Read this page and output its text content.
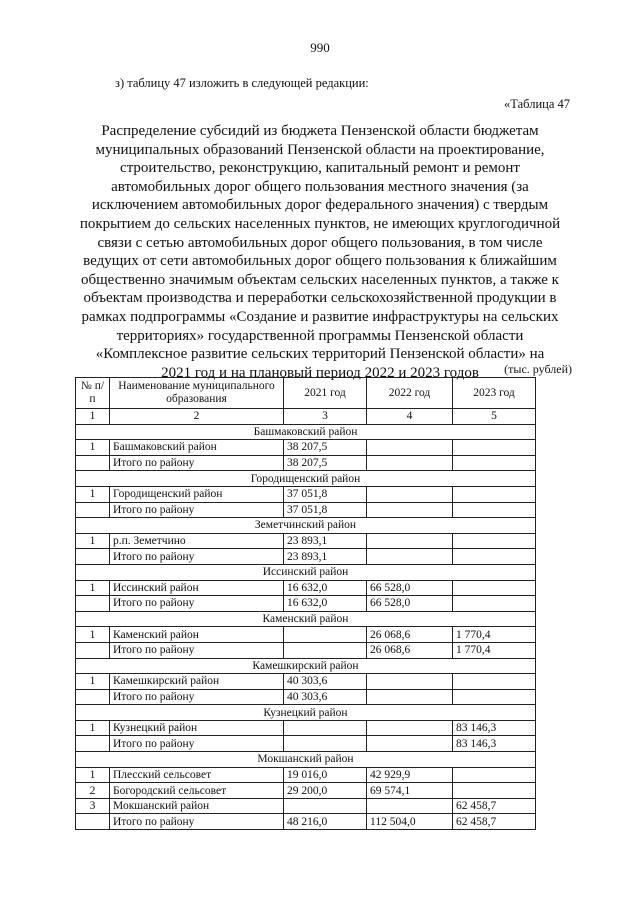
990
з) таблицу 47 изложить в следующей редакции:
«Таблица 47
Распределение субсидий из бюджета Пензенской области бюджетам
муниципальных образований Пензенской области на проектирование,
строительство, реконструкцию, капитальный ремонт и ремонт
автомобильных дорог общего пользования местного значения (за
исключением автомобильных дорог федерального значения) с твердым
покрытием до сельских населенных пунктов, не имеющих круглогодичной
связи с сетью автомобильных дорог общего пользования, в том числе
ведущих от сети автомобильных дорог общего пользования к ближайшим
общественно значимым объектам сельских населенных пунктов, а также к
объектам производства и переработки сельскохозяйственной продукции в
рамках подпрограммы «Создание и развитие инфраструктуры на сельских
территориях» государственной программы Пензенской области
«Комплексное развитие сельских территорий Пензенской области» на
2021 год и на плановый период 2022 и 2023 годов	(тыс. рублей)
№ п/п	Наименование муниципального образования	2021 год	2022 год	2023 год
1	2	3	4	5
Башмаковский район				
1	Башмаковский район	38 207,5		
	Итого по району	38 207,5		
Городищенский район				
1	Городищенский район	37 051,8		
	Итого по району	37 051,8		
Земетчинский район				
1	р.п. Земетчино	23 893,1		
	Итого по району	23 893,1		
Иссинский район				
1	Иссинский район	16 632,0	66 528,0	
	Итого по району	16 632,0	66 528,0	
Каменский район				
1	Каменский район		26 068,6	1 770,4
	Итого по району		26 068,6	1 770,4
Камешкирский район				
1	Камешкирский район	40 303,6		
	Итого по району	40 303,6		
Кузнецкий район				
1	Кузнецкий район			83 146,3
	Итого по району			83 146,3
Мокшанский район				
1	Плесский сельсовет	19 016,0	42 929,9	
2	Богородский сельсовет	29 200,0	69 574,1	
3	Мокшанский район			62 458,7
	Итого по району	48 216,0	112 504,0	62 458,7
